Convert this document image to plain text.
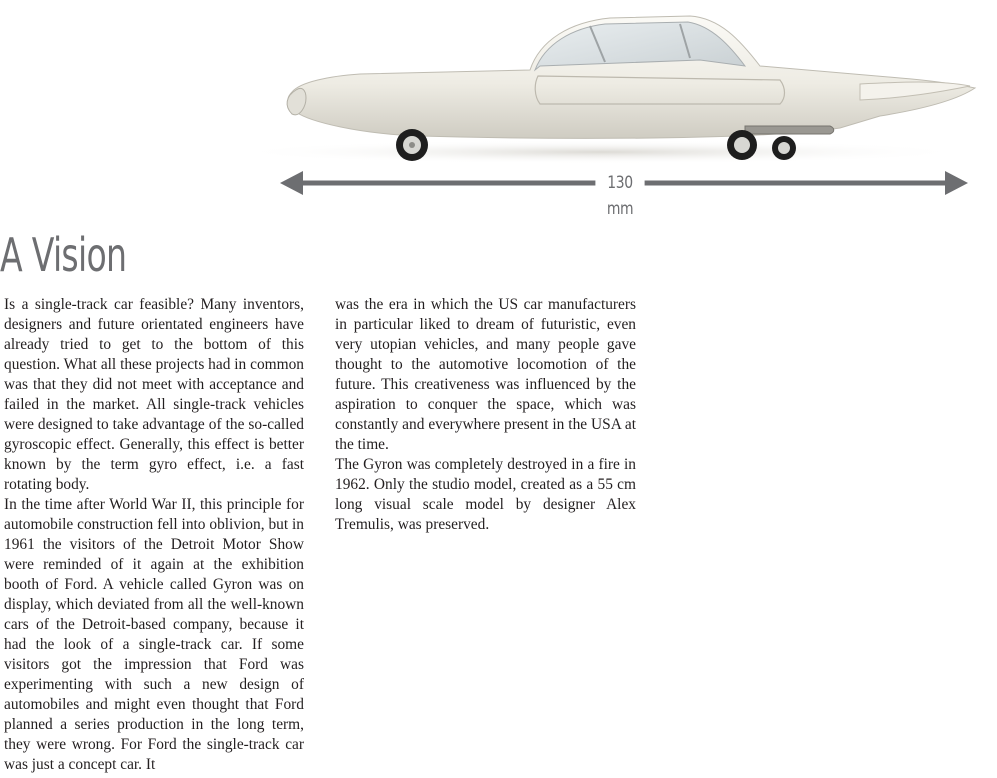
130 mm
A Vision

Is a single-track car feasible? Many inventors, designers and future orientated engineers have already tried to get to the bottom of this question. What all these projects had in common was that they did not meet with acceptance and failed in the market. All single-track vehicles were designed to take advantage of the so-called gyroscopic effect. Generally, this effect is better known by the term gyro effect, i.e. a fast rotating body.

In the time after World War II, this principle for automobile construction fell into oblivion, but in 1961 the visitors of the Detroit Motor Show were reminded of it again at the exhibition booth of Ford. A vehicle called Gyron was on display, which deviated from all the well-known cars of the Detroit-based company, because it had the look of a single-track car. If some visitors got the impression that Ford was experimenting with such a new design of automobiles and might even thought that Ford planned a series production in the long term, they were wrong. For Ford the single-track car was just a concept car. It

was the era in which the US car manufacturers in particular liked to dream of futuristic, even very utopian vehicles, and many people gave thought to the automotive locomotion of the future. This creativeness was influenced by the aspiration to conquer the space, which was constantly and everywhere present in the USA at the time.

The Gyron was completely destroyed in a fire in 1962. Only the studio model, created as a 55 cm long visual scale model by designer Alex Tremulis, was preserved.
